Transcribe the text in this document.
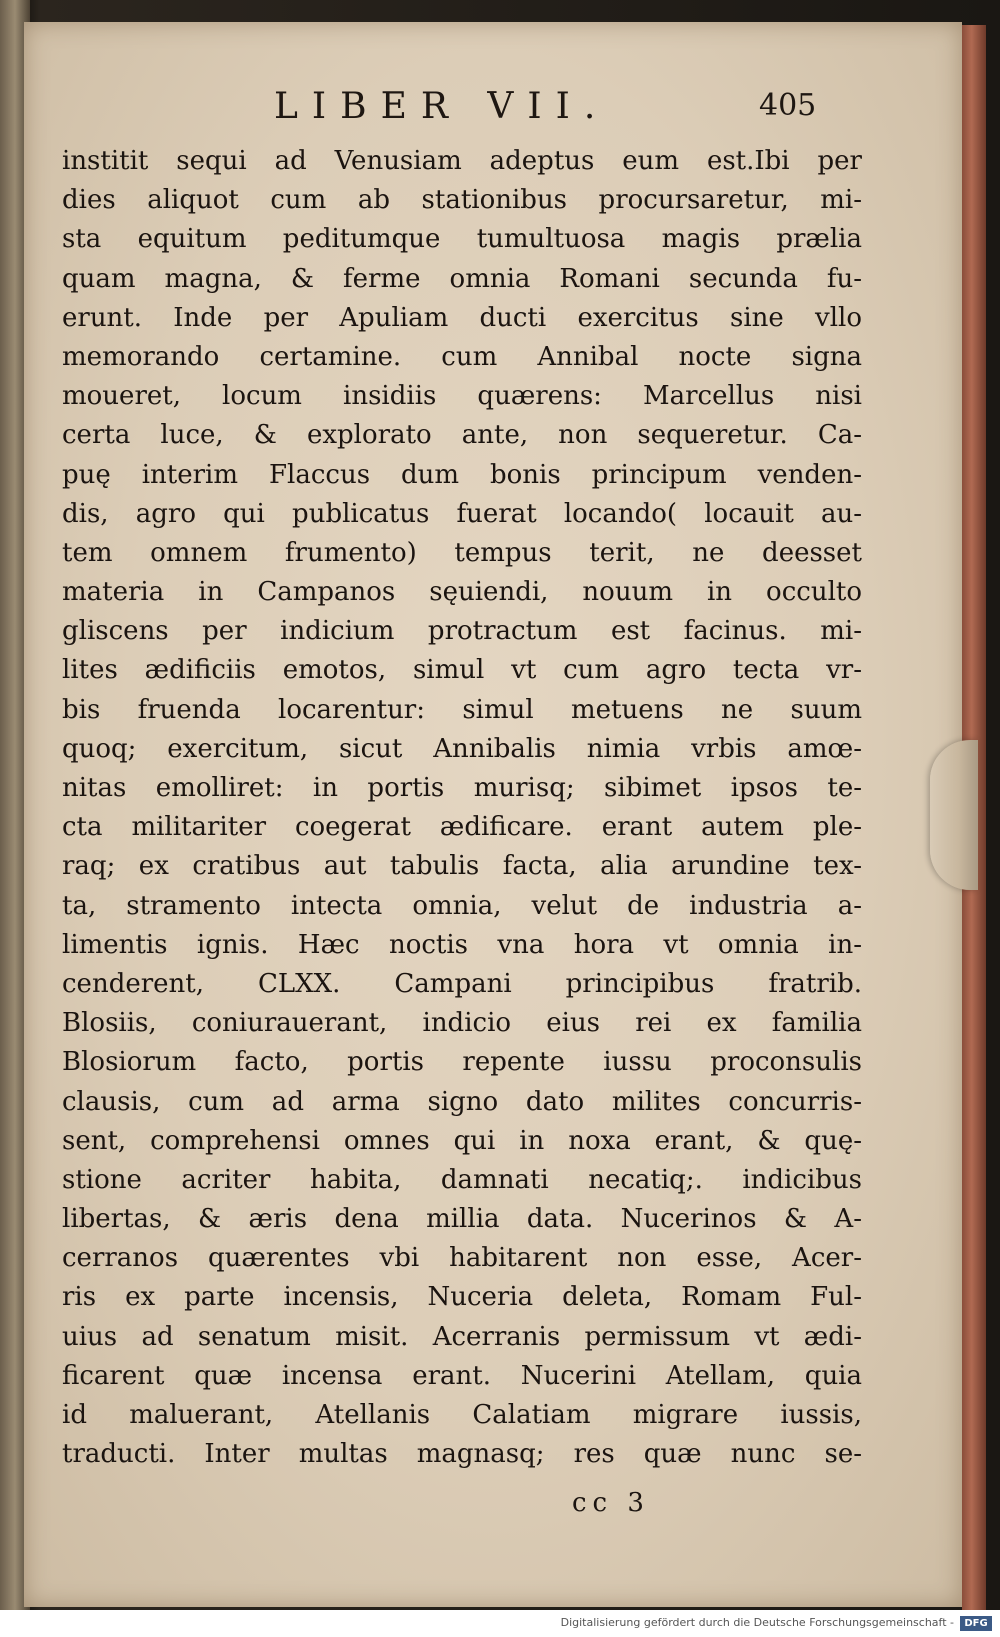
LIBER VII.	405
institit sequi ad Venusiam adeptus eum est.Ibi per
dies aliquot cum ab stationibus procursaretur, mi-
sta equitum peditumque tumultuosa magis prælia
quam magna, & ferme omnia Romani secunda fu-
erunt. Inde per Apuliam ducti exercitus sine vllo
memorando certamine. cum Annibal nocte signa
moueret, locum insidiis quærens: Marcellus nisi
certa luce, & explorato ante, non sequeretur. Ca-
puę interim Flaccus dum bonis principum venden-
dis, agro qui publicatus fuerat locando( locauit au-
tem omnem frumento) tempus terit, ne deesset
materia in Campanos sęuiendi, nouum in occulto
gliscens per indicium protractum est facinus. mi-
lites ædificiis emotos, simul vt cum agro tecta vr-
bis fruenda locarentur: simul metuens ne suum
quoq; exercitum, sicut Annibalis nimia vrbis amœ-
nitas emolliret: in portis murisq; sibimet ipsos te-
cta militariter coegerat ædificare. erant autem ple-
raq; ex cratibus aut tabulis facta, alia arundine tex-
ta, stramento intecta omnia, velut de industria a-
limentis ignis. Hæc noctis vna hora vt omnia in-
cenderent, CLXX. Campani principibus fratrib.
Blosiis, coniurauerant, indicio eius rei ex familia
Blosiorum facto, portis repente iussu proconsulis
clausis, cum ad arma signo dato milites concurris-
sent, comprehensi omnes qui in noxa erant, & quę-
stione acriter habita, damnati necatiq;. indicibus
libertas, & æris dena millia data. Nucerinos & A-
cerranos quærentes vbi habitarent non esse, Acer-
ris ex parte incensis, Nuceria deleta, Romam Ful-
uius ad senatum misit. Acerranis permissum vt ædi-
ficarent quæ incensa erant. Nucerini Atellam, quia
id maluerant, Atellanis Calatiam migrare iussis,
traducti. Inter multas magnasq; res quæ nunc se-
cc 3
Digitalisierung gefördert durch die Deutsche Forschungsgemeinschaft -	DFG
